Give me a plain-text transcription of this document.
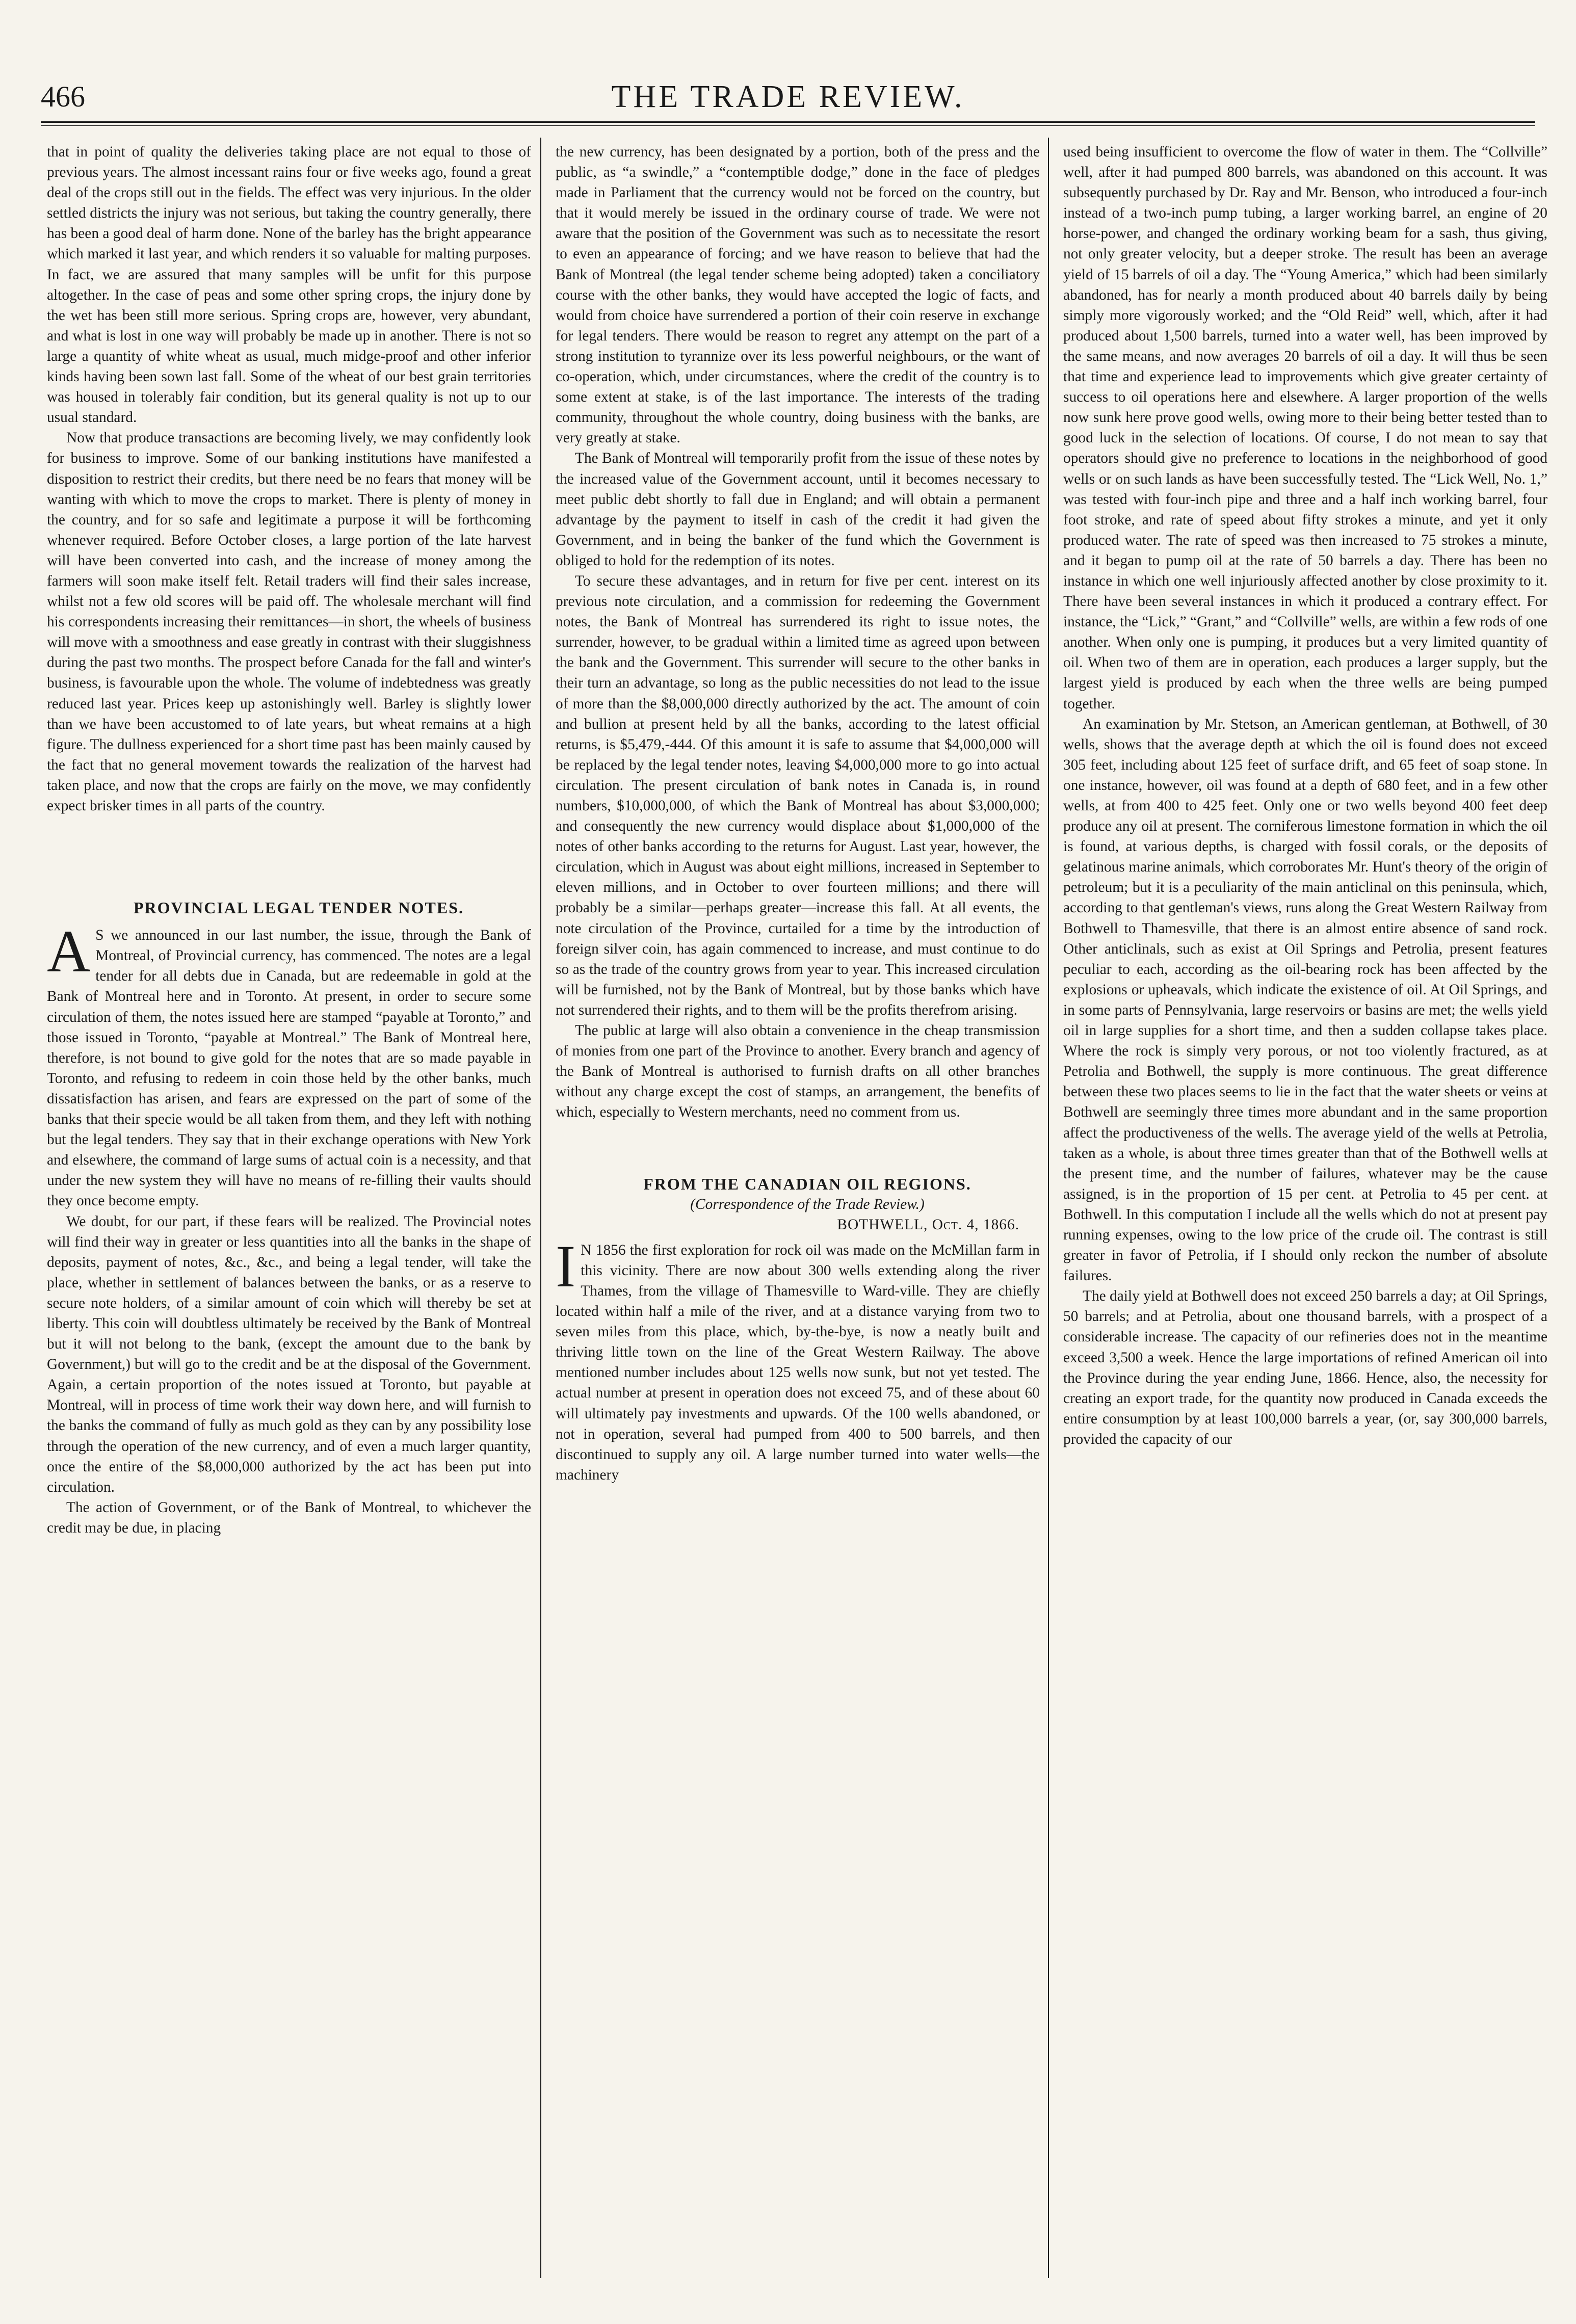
466	THE TRADE REVIEW.

that in point of quality the deliveries taking place are not equal to those of previous years. The almost incessant rains four or five weeks ago, found a great deal of the crops still out in the fields. The effect was very injurious. In the older settled districts the injury was not serious, but taking the country generally, there has been a good deal of harm done. None of the barley has the bright appearance which marked it last year, and which renders it so valuable for malting purposes. In fact, we are assured that many samples will be unfit for this purpose altogether. In the case of peas and some other spring crops, the injury done by the wet has been still more serious. Spring crops are, however, very abundant, and what is lost in one way will probably be made up in another. There is not so large a quantity of white wheat as usual, much midge-proof and other inferior kinds having been sown last fall. Some of the wheat of our best grain territories was housed in tolerably fair condition, but its general quality is not up to our usual standard.

Now that produce transactions are becoming lively, we may confidently look for business to improve. Some of our banking institutions have manifested a disposition to restrict their credits, but there need be no fears that money will be wanting with which to move the crops to market. There is plenty of money in the country, and for so safe and legitimate a purpose it will be forthcoming whenever required. Before October closes, a large portion of the late harvest will have been converted into cash, and the increase of money among the farmers will soon make itself felt. Retail traders will find their sales increase, whilst not a few old scores will be paid off. The wholesale merchant will find his correspondents increasing their remittances—in short, the wheels of business will move with a smoothness and ease greatly in contrast with their sluggishness during the past two months. The prospect before Canada for the fall and winter's business, is favourable upon the whole. The volume of indebtedness was greatly reduced last year. Prices keep up astonishingly well. Barley is slightly lower than we have been accustomed to of late years, but wheat remains at a high figure. The dullness experienced for a short time past has been mainly caused by the fact that no general movement towards the realization of the harvest had taken place, and now that the crops are fairly on the move, we may confidently expect brisker times in all parts of the country.

PROVINCIAL LEGAL TENDER NOTES.

A S we announced in our last number, the issue, through the Bank of Montreal, of Provincial currency, has commenced. The notes are a legal tender for all debts due in Canada, but are redeemable in gold at the Bank of Montreal here and in Toronto. At present, in order to secure some circulation of them, the notes issued here are stamped “payable at Toronto,” and those issued in Toronto, “payable at Montreal.” The Bank of Montreal here, therefore, is not bound to give gold for the notes that are so made payable in Toronto, and refusing to redeem in coin those held by the other banks, much dissatisfaction has arisen, and fears are expressed on the part of some of the banks that their specie would be all taken from them, and they left with nothing but the legal tenders. They say that in their exchange operations with New York and elsewhere, the command of large sums of actual coin is a necessity, and that under the new system they will have no means of re-filling their vaults should they once become empty.

We doubt, for our part, if these fears will be realized. The Provincial notes will find their way in greater or less quantities into all the banks in the shape of deposits, payment of notes, &c., &c., and being a legal tender, will take the place, whether in settlement of balances between the banks, or as a reserve to secure note holders, of a similar amount of coin which will thereby be set at liberty. This coin will doubtless ultimately be received by the Bank of Montreal but it will not belong to the bank, (except the amount due to the bank by Government,) but will go to the credit and be at the disposal of the Government. Again, a certain proportion of the notes issued at Toronto, but payable at Montreal, will in process of time work their way down here, and will furnish to the banks the command of fully as much gold as they can by any possibility lose through the operation of the new currency, and of even a much larger quantity, once the entire of the $8,000,000 authorized by the act has been put into circulation.

The action of Government, or of the Bank of Montreal, to whichever the credit may be due, in placing

the new currency, has been designated by a portion, both of the press and the public, as “a swindle,” a “contemptible dodge,” done in the face of pledges made in Parliament that the currency would not be forced on the country, but that it would merely be issued in the ordinary course of trade. We were not aware that the position of the Government was such as to necessitate the resort to even an appearance of forcing; and we have reason to believe that had the Bank of Montreal (the legal tender scheme being adopted) taken a conciliatory course with the other banks, they would have accepted the logic of facts, and would from choice have surrendered a portion of their coin reserve in exchange for legal tenders. There would be reason to regret any attempt on the part of a strong institution to tyrannize over its less powerful neighbours, or the want of co-operation, which, under circumstances, where the credit of the country is to some extent at stake, is of the last importance. The interests of the trading community, throughout the whole country, doing business with the banks, are very greatly at stake.

The Bank of Montreal will temporarily profit from the issue of these notes by the increased value of the Government account, until it becomes necessary to meet public debt shortly to fall due in England; and will obtain a permanent advantage by the payment to itself in cash of the credit it had given the Government, and in being the banker of the fund which the Government is obliged to hold for the redemption of its notes.

To secure these advantages, and in return for five per cent. interest on its previous note circulation, and a commission for redeeming the Government notes, the Bank of Montreal has surrendered its right to issue notes, the surrender, however, to be gradual within a limited time as agreed upon between the bank and the Government. This surrender will secure to the other banks in their turn an advantage, so long as the public necessities do not lead to the issue of more than the $8,000,000 directly authorized by the act. The amount of coin and bullion at present held by all the banks, according to the latest official returns, is $5,479,-444. Of this amount it is safe to assume that $4,000,000 will be replaced by the legal tender notes, leaving $4,000,000 more to go into actual circulation. The present circulation of bank notes in Canada is, in round numbers, $10,000,000, of which the Bank of Montreal has about $3,000,000; and consequently the new currency would displace about $1,000,000 of the notes of other banks according to the returns for August. Last year, however, the circulation, which in August was about eight millions, increased in September to eleven millions, and in October to over fourteen millions; and there will probably be a similar—perhaps greater—increase this fall. At all events, the note circulation of the Province, curtailed for a time by the introduction of foreign silver coin, has again commenced to increase, and must continue to do so as the trade of the country grows from year to year. This increased circulation will be furnished, not by the Bank of Montreal, but by those banks which have not surrendered their rights, and to them will be the profits therefrom arising.

The public at large will also obtain a convenience in the cheap transmission of monies from one part of the Province to another. Every branch and agency of the Bank of Montreal is authorised to furnish drafts on all other branches without any charge except the cost of stamps, an arrangement, the benefits of which, especially to Western merchants, need no comment from us.

FROM THE CANADIAN OIL REGIONS.

(Correspondence of the Trade Review.)

BOTHWELL, Oct. 4, 1866.

I N 1856 the first exploration for rock oil was made on the McMillan farm in this vicinity. There are now about 300 wells extending along the river Thames, from the village of Thamesville to Ward-ville. They are chiefly located within half a mile of the river, and at a distance varying from two to seven miles from this place, which, by-the-bye, is now a neatly built and thriving little town on the line of the Great Western Railway. The above mentioned number includes about 125 wells now sunk, but not yet tested. The actual number at present in operation does not exceed 75, and of these about 60 will ultimately pay investments and upwards. Of the 100 wells abandoned, or not in operation, several had pumped from 400 to 500 barrels, and then discontinued to supply any oil. A large number turned into water wells—the machinery

used being insufficient to overcome the flow of water in them. The “Collville” well, after it had pumped 800 barrels, was abandoned on this account. It was subsequently purchased by Dr. Ray and Mr. Benson, who introduced a four-inch instead of a two-inch pump tubing, a larger working barrel, an engine of 20 horse-power, and changed the ordinary working beam for a sash, thus giving, not only greater velocity, but a deeper stroke. The result has been an average yield of 15 barrels of oil a day. The “Young America,” which had been similarly abandoned, has for nearly a month produced about 40 barrels daily by being simply more vigorously worked; and the “Old Reid” well, which, after it had produced about 1,500 barrels, turned into a water well, has been improved by the same means, and now averages 20 barrels of oil a day. It will thus be seen that time and experience lead to improvements which give greater certainty of success to oil operations here and elsewhere. A larger proportion of the wells now sunk here prove good wells, owing more to their being better tested than to good luck in the selection of locations. Of course, I do not mean to say that operators should give no preference to locations in the neighborhood of good wells or on such lands as have been successfully tested. The “Lick Well, No. 1,” was tested with four-inch pipe and three and a half inch working barrel, four foot stroke, and rate of speed about fifty strokes a minute, and yet it only produced water. The rate of speed was then increased to 75 strokes a minute, and it began to pump oil at the rate of 50 barrels a day. There has been no instance in which one well injuriously affected another by close proximity to it. There have been several instances in which it produced a contrary effect. For instance, the “Lick,” “Grant,” and “Collville” wells, are within a few rods of one another. When only one is pumping, it produces but a very limited quantity of oil. When two of them are in operation, each produces a larger supply, but the largest yield is produced by each when the three wells are being pumped together.

An examination by Mr. Stetson, an American gentleman, at Bothwell, of 30 wells, shows that the average depth at which the oil is found does not exceed 305 feet, including about 125 feet of surface drift, and 65 feet of soap stone. In one instance, however, oil was found at a depth of 680 feet, and in a few other wells, at from 400 to 425 feet. Only one or two wells beyond 400 feet deep produce any oil at present. The corniferous limestone formation in which the oil is found, at various depths, is charged with fossil corals, or the deposits of gelatinous marine animals, which corroborates Mr. Hunt's theory of the origin of petroleum; but it is a peculiarity of the main anticlinal on this peninsula, which, according to that gentleman's views, runs along the Great Western Railway from Bothwell to Thamesville, that there is an almost entire absence of sand rock. Other anticlinals, such as exist at Oil Springs and Petrolia, present features peculiar to each, according as the oil-bearing rock has been affected by the explosions or upheavals, which indicate the existence of oil. At Oil Springs, and in some parts of Pennsylvania, large reservoirs or basins are met; the wells yield oil in large supplies for a short time, and then a sudden collapse takes place. Where the rock is simply very porous, or not too violently fractured, as at Petrolia and Bothwell, the supply is more continuous. The great difference between these two places seems to lie in the fact that the water sheets or veins at Bothwell are seemingly three times more abundant and in the same proportion affect the productiveness of the wells. The average yield of the wells at Petrolia, taken as a whole, is about three times greater than that of the Bothwell wells at the present time, and the number of failures, whatever may be the cause assigned, is in the proportion of 15 per cent. at Petrolia to 45 per cent. at Bothwell. In this computation I include all the wells which do not at present pay running expenses, owing to the low price of the crude oil. The contrast is still greater in favor of Petrolia, if I should only reckon the number of absolute failures.

The daily yield at Bothwell does not exceed 250 barrels a day; at Oil Springs, 50 barrels; and at Petrolia, about one thousand barrels, with a prospect of a considerable increase. The capacity of our refineries does not in the meantime exceed 3,500 a week. Hence the large importations of refined American oil into the Province during the year ending June, 1866. Hence, also, the necessity for creating an export trade, for the quantity now produced in Canada exceeds the entire consumption by at least 100,000 barrels a year, (or, say 300,000 barrels, provided the capacity of our
